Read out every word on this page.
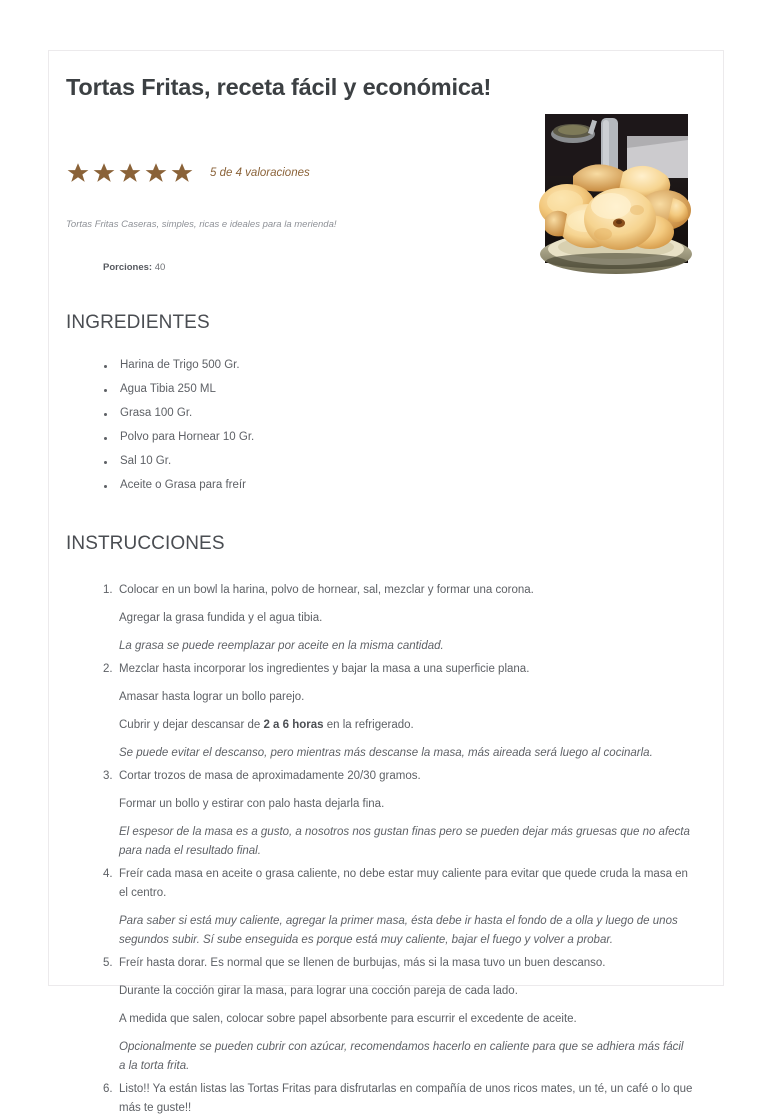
Tortas Fritas, receta fácil y económica!
5 de 4 valoraciones
Tortas Fritas Caseras, simples, ricas e ideales para la merienda!
Porciones: 40
INGREDIENTES
Harina de Trigo 500 Gr.
Agua Tibia 250 ML
Grasa 100 Gr.
Polvo para Hornear 10 Gr.
Sal 10 Gr.
Aceite o Grasa para freír
INSTRUCCIONES

Colocar en un bowl la harina, polvo de hornear, sal, mezclar y formar una corona.

Agregar la grasa fundida y el agua tibia.

La grasa se puede reemplazar por aceite en la misma cantidad.

Mezclar hasta incorporar los ingredientes y bajar la masa a una superficie plana.

Amasar hasta lograr un bollo parejo.

Cubrir y dejar descansar de 2 a 6 horas en la refrigerado.

Se puede evitar el descanso, pero mientras más descanse la masa, más aireada será luego al cocinarla.

Cortar trozos de masa de aproximadamente 20/30 gramos.

Formar un bollo y estirar con palo hasta dejarla fina.

El espesor de la masa es a gusto, a nosotros nos gustan finas pero se pueden dejar más gruesas que no afecta para nada el resultado final.

Freír cada masa en aceite o grasa caliente, no debe estar muy caliente para evitar que quede cruda la masa en el centro.

Para saber si está muy caliente, agregar la primer masa, ésta debe ir hasta el fondo de a olla y luego de unos segundos subir. Sí sube enseguida es porque está muy caliente, bajar el fuego y volver a probar.

Freír hasta dorar. Es normal que se llenen de burbujas, más si la masa tuvo un buen descanso.

Durante la cocción girar la masa, para lograr una cocción pareja de cada lado.

A medida que salen, colocar sobre papel absorbente para escurrir el excedente de aceite.

Opcionalmente se pueden cubrir con azúcar, recomendamos hacerlo en caliente para que se adhiera más fácil a la torta frita.

Listo!! Ya están listas las Tortas Fritas para disfrutarlas en compañía de unos ricos mates, un té, un café o lo que más te guste!!
